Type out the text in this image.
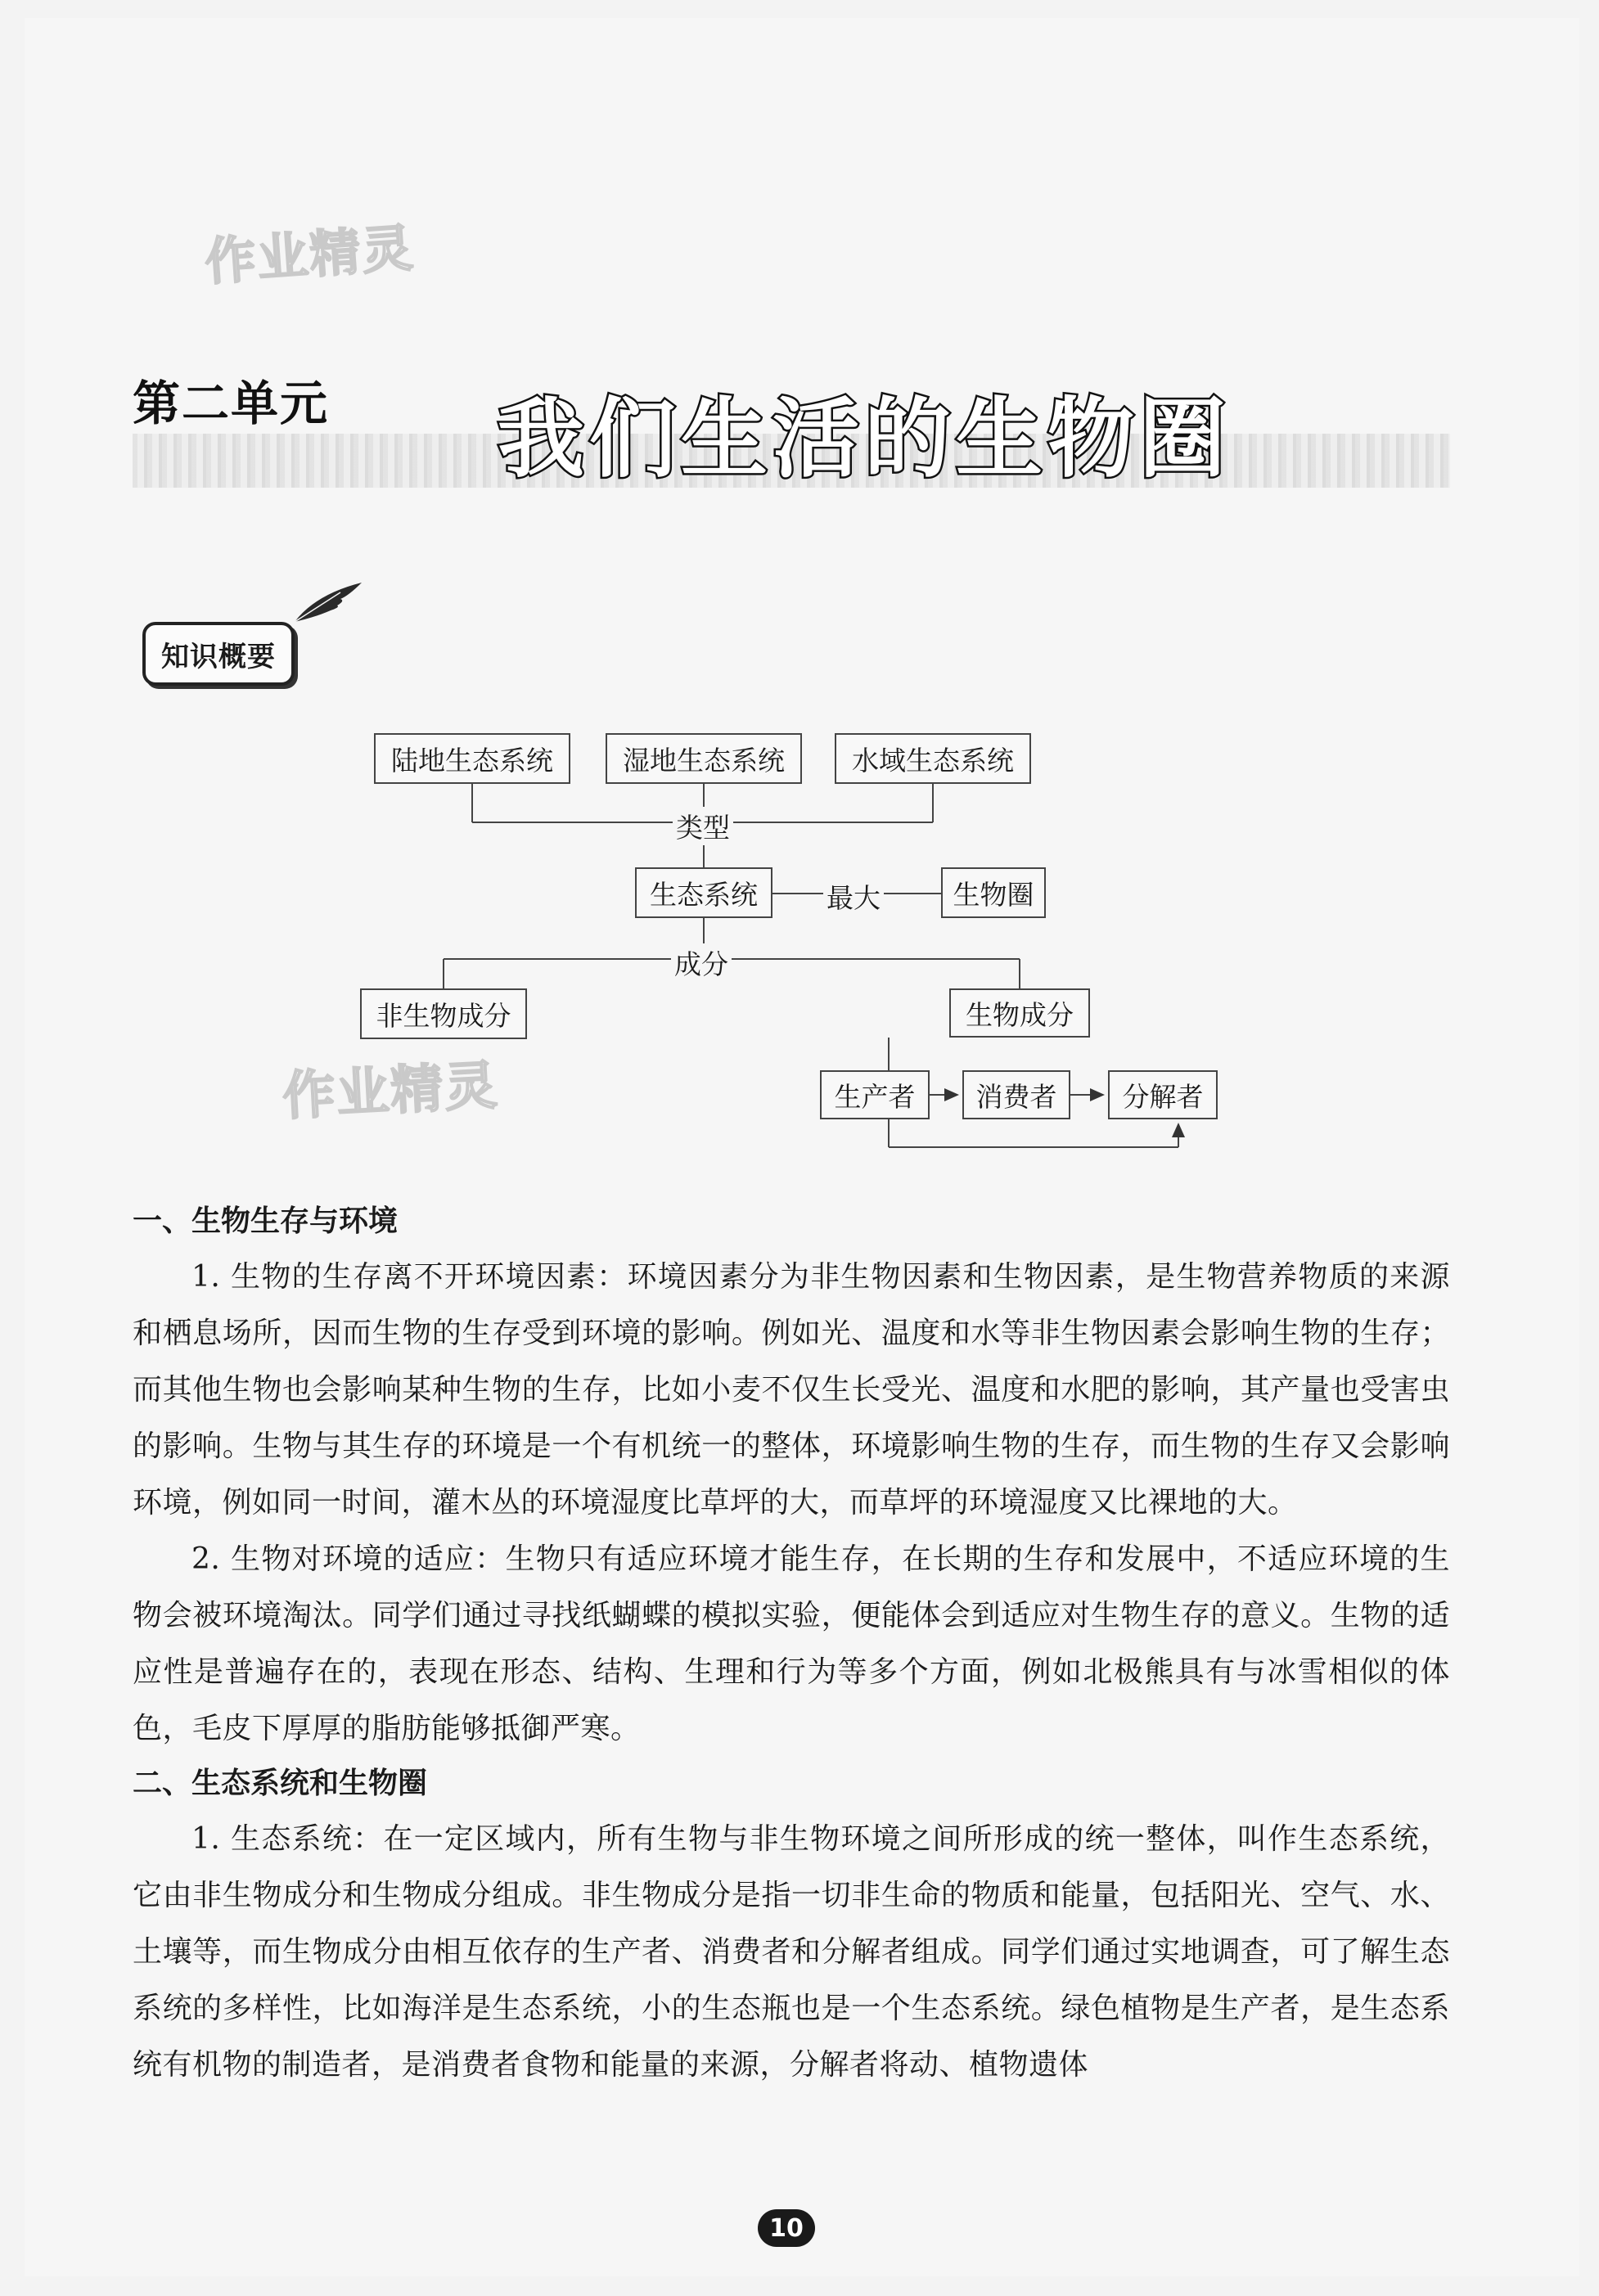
作业精灵
第二单元 我们生活的生物圈
知识概要
陆地生态系统	湿地生态系统	水域生态系统
类型
生态系统	最大	生物圈
成分
非生物成分	生物成分
生产者	消费者	分解者
作业精灵
一、生物生存与环境

1. 生物的生存离不开环境因素：环境因素分为非生物因素和生物因素，是生物营养物质的来源和栖息场所，因而生物的生存受到环境的影响。例如光、温度和水等非生物因素会影响生物的生存；而其他生物也会影响某种生物的生存，比如小麦不仅生长受光、温度和水肥的影响，其产量也受害虫的影响。生物与其生存的环境是一个有机统一的整体，环境影响生物的生存，而生物的生存又会影响环境，例如同一时间，灌木丛的环境湿度比草坪的大，而草坪的环境湿度又比裸地的大。

2. 生物对环境的适应：生物只有适应环境才能生存，在长期的生存和发展中，不适应环境的生物会被环境淘汰。同学们通过寻找纸蝴蝶的模拟实验，便能体会到适应对生物生存的意义。生物的适应性是普遍存在的，表现在形态、结构、生理和行为等多个方面，例如北极熊具有与冰雪相似的体色，毛皮下厚厚的脂肪能够抵御严寒。

二、生态系统和生物圈

1. 生态系统：在一定区域内，所有生物与非生物环境之间所形成的统一整体，叫作生态系统，它由非生物成分和生物成分组成。非生物成分是指一切非生命的物质和能量，包括阳光、空气、水、土壤等，而生物成分由相互依存的生产者、消费者和分解者组成。同学们通过实地调查，可了解生态系统的多样性，比如海洋是生态系统，小的生态瓶也是一个生态系统。绿色植物是生产者，是生态系统有机物的制造者，是消费者食物和能量的来源，分解者将动、植物遗体

10
